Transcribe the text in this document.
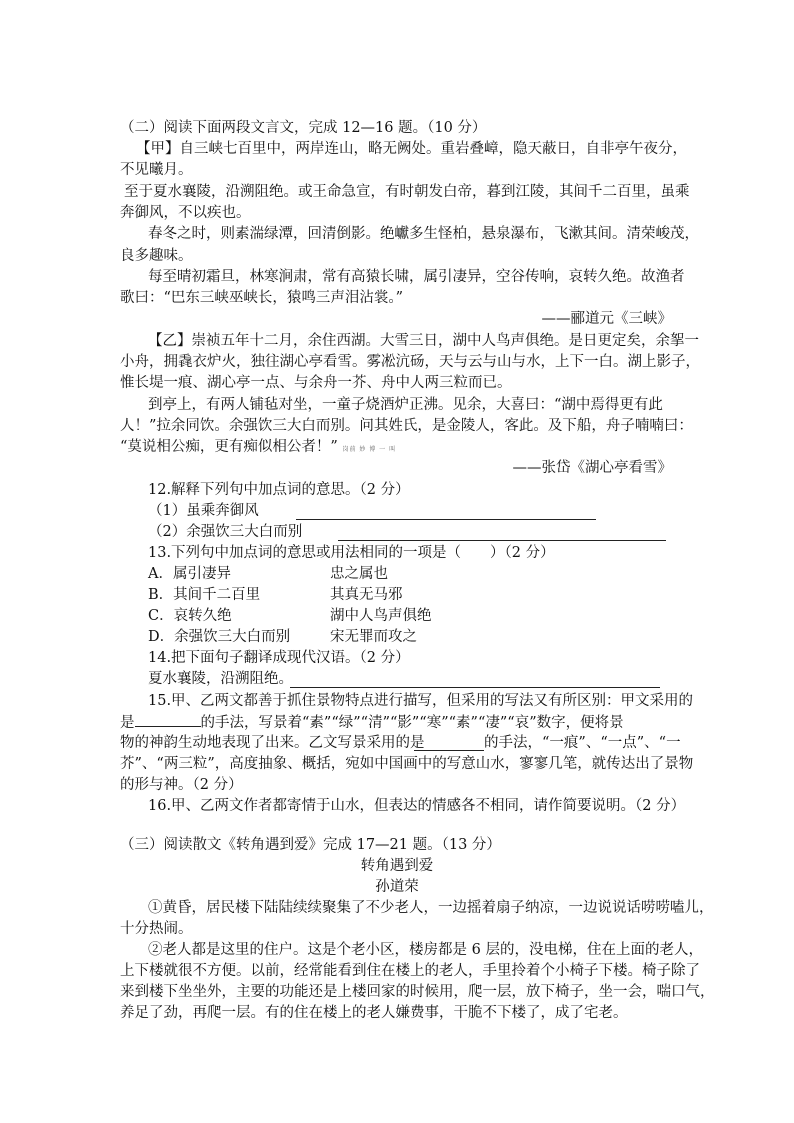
（二）阅读下面两段文言文，完成 12—16 题。（10 分）
【甲】自三峡七百里中，两岸连山，略无阙处。重岩叠嶂，隐天蔽日，自非亭午夜分，
不见曦月。
至于夏水襄陵，沿溯阻绝。或王命急宣，有时朝发白帝，暮到江陵，其间千二百里，虽乘
奔御风，不以疾也。
春冬之时，则素湍绿潭，回清倒影。绝巘多生怪柏，悬泉瀑布，飞漱其间。清荣峻茂，
良多趣味。
每至晴初霜旦，林寒涧肃，常有高猿长啸，属引凄异，空谷传响，哀转久绝。故渔者
歌曰：“巴东三峡巫峡长，猿鸣三声泪沾裳。”
——郦道元《三峡》
【乙】崇祯五年十二月，余住西湖。大雪三日，湖中人鸟声俱绝。是日更定矣，余挐一
小舟，拥毳衣炉火，独往湖心亭看雪。雾凇沆砀，天与云与山与水，上下一白。湖上影子，
惟长堤一痕、湖心亭一点、与余舟一芥、舟中人两三粒而已。
到亭上，有两人铺毡对坐，一童子烧酒炉正沸。见余，大喜曰：“湖中焉得更有此
人！”拉余同饮。余强饮三大白而别。问其姓氏，是金陵人，客此。及下船，舟子喃喃曰：
“莫说相公痴，更有痴似相公者！” 岗前 妙 博 一 叫
——张岱《湖心亭看雪》
12.解释下列句中加点词的意思。（2 分）
（1）虽乘奔御风
（2）余强饮三大白而别
13.下列句中加点词的意思或用法相同的一项是（　　）（2 分）
A．属引凄异	忠之属也
B．其间千二百里	其真无马邪
C．哀转久绝	湖中人鸟声俱绝
D．余强饮三大白而别	宋无罪而攻之
14.把下面句子翻译成现代汉语。（2 分）
夏水襄陵，沿溯阻绝。
15.甲、乙两文都善于抓住景物特点进行描写，但采用的写法又有所区别：甲文采用的
是	的手法，写景着“素”“绿”“清”“影”“寒”“素”“凄”“哀”数字，便将景
物的神韵生动地表现了出来。乙文写景采用的是	的手法，“一痕”、“一点”、“一
芥”、“两三粒”，高度抽象、概括，宛如中国画中的写意山水，寥寥几笔，就传达出了景物
的形与神。（2 分）
16.甲、乙两文作者都寄情于山水，但表达的情感各不相同，请作简要说明。（2 分）
（三）阅读散文《转角遇到爱》完成 17—21 题。（13 分）
转角遇到爱
孙道荣
①黄昏，居民楼下陆陆续续聚集了不少老人，一边摇着扇子纳凉，一边说说话唠唠嗑儿，
十分热闹。
②老人都是这里的住户。这是个老小区，楼房都是 6 层的，没电梯，住在上面的老人，
上下楼就很不方便。以前，经常能看到住在楼上的老人，手里拎着个小椅子下楼。椅子除了
来到楼下坐坐外，主要的功能还是上楼回家的时候用，爬一层，放下椅子，坐一会，喘口气，
养足了劲，再爬一层。有的住在楼上的老人嫌费事，干脆不下楼了，成了宅老。
